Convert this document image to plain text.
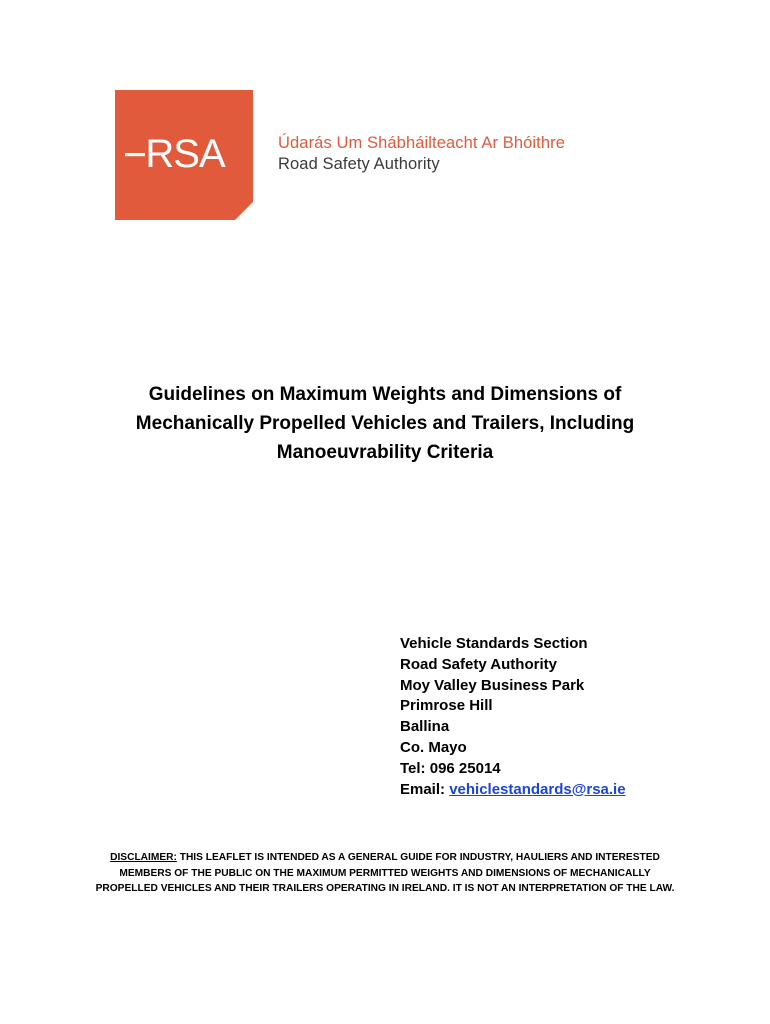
RSA	Údarás Um Shábháilteacht Ar Bhóithre
Road Safety Authority
Guidelines on Maximum Weights and Dimensions of
Mechanically Propelled Vehicles and Trailers, Including
Manoeuvrability Criteria
Vehicle Standards Section
Road Safety Authority
Moy Valley Business Park
Primrose Hill
Ballina
Co. Mayo
Tel: 096 25014
Email: vehiclestandards@rsa.ie
DISCLAIMER: THIS LEAFLET IS INTENDED AS A GENERAL GUIDE FOR INDUSTRY, HAULIERS AND INTERESTED
MEMBERS OF THE PUBLIC ON THE MAXIMUM PERMITTED WEIGHTS AND DIMENSIONS OF MECHANICALLY
PROPELLED VEHICLES AND THEIR TRAILERS OPERATING IN IRELAND. IT IS NOT AN INTERPRETATION OF THE LAW.
